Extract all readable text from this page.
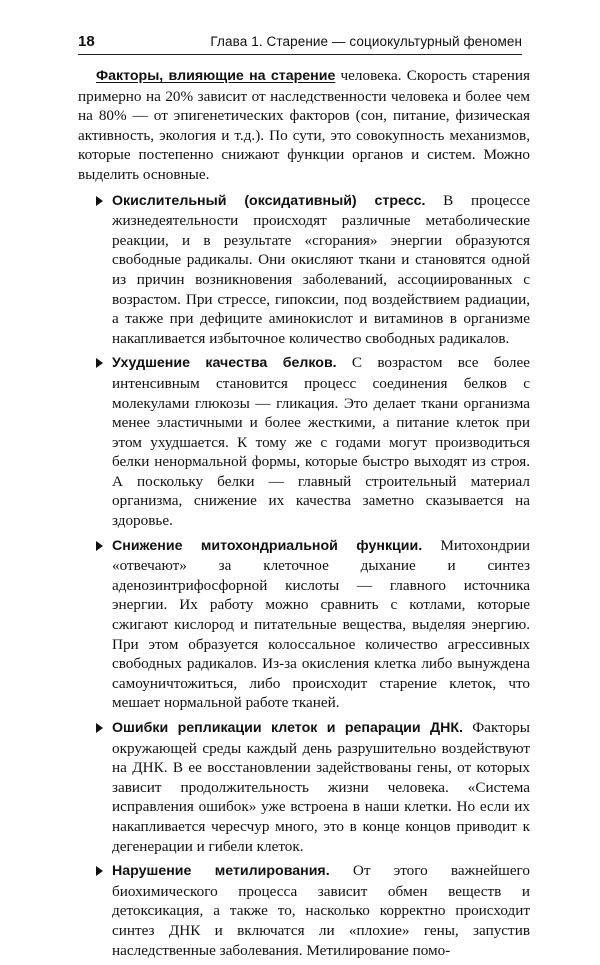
18	Глава 1. Старение — социокультурный феномен

Факторы, влияющие на старение человека. Скорость старения примерно на 20% зависит от наследственности человека и более чем на 80% — от эпигенетических факторов (сон, питание, физическая активность, экология и т.д.). По сути, это совокупность механизмов, которые постепенно снижают функции органов и систем. Можно выделить основные.

Окислительный (оксидативный) стресс. В процессе жизнедеятельности происходят различные метаболические реакции, и в результате «сгорания» энергии образуются свободные радикалы. Они окисляют ткани и становятся одной из причин возникновения заболеваний, ассоциированных с возрастом. При стрессе, гипоксии, под воздействием радиации, а также при дефиците аминокислот и витаминов в организме накапливается избыточное количество свободных радикалов.
Ухудшение качества белков. С возрастом все более интенсивным становится процесс соединения белков с молекулами глюкозы — гликация. Это делает ткани организма менее эластичными и более жесткими, а питание клеток при этом ухудшается. К тому же с годами могут производиться белки ненормальной формы, которые быстро выходят из строя. А поскольку белки — главный строительный материал организма, снижение их качества заметно сказывается на здоровье.
Снижение митохондриальной функции. Митохондрии «отвечают» за клеточное дыхание и синтез аденозинтрифосфорной кислоты — главного источника энергии. Их работу можно сравнить с котлами, которые сжигают кислород и питательные вещества, выделяя энергию. При этом образуется колоссальное количество агрессивных свободных радикалов. Из-за окисления клетка либо вынуждена самоуничтожиться, либо происходит старение клеток, что мешает нормальной работе тканей.
Ошибки репликации клеток и репарации ДНК. Факторы окружающей среды каждый день разрушительно воздействуют на ДНК. В ее восстановлении задействованы гены, от которых зависит продолжительность жизни человека. «Система исправления ошибок» уже встроена в наши клетки. Но если их накапливается чересчур много, это в конце концов приводит к дегенерации и гибели клеток.
Нарушение метилирования. От этого важнейшего биохимического процесса зависит обмен веществ и детоксикация, а также то, насколько корректно происходит синтез ДНК и включатся ли «плохие» гены, запустив наследственные заболевания. Метилирование помо-
